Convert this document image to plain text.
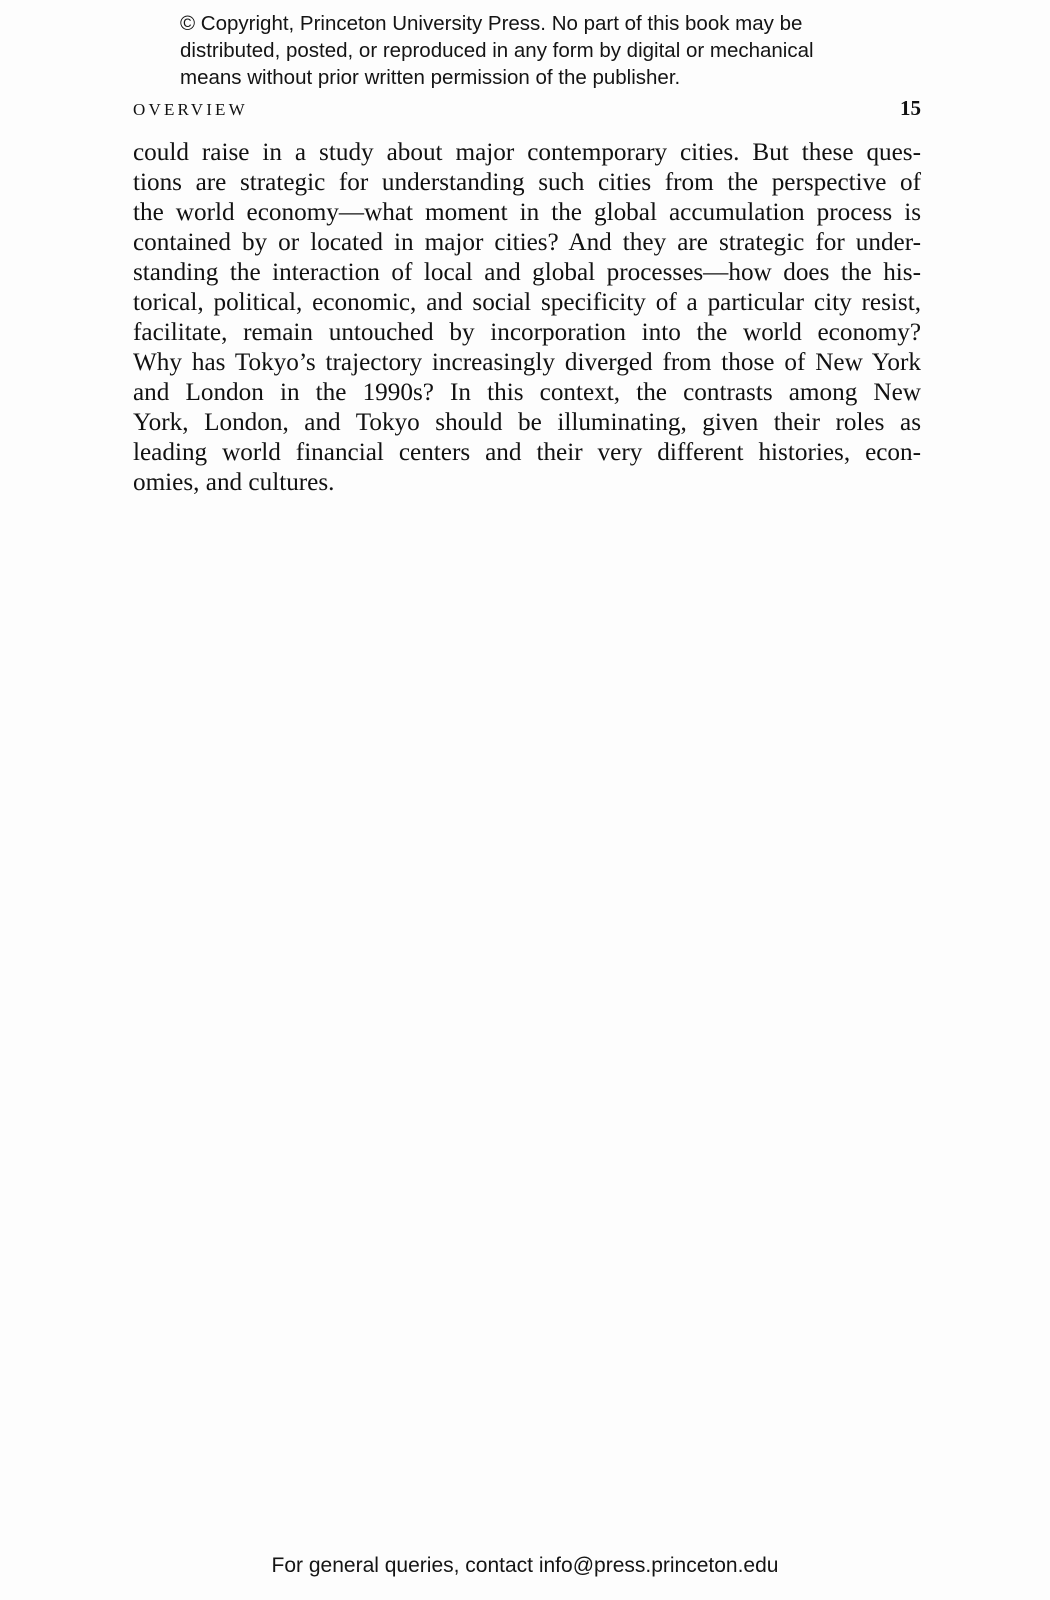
© Copyright, Princeton University Press. No part of this book may be
distributed, posted, or reproduced in any form by digital or mechanical
means without prior written permission of the publisher.
OVERVIEW	15
could raise in a study about major contemporary cities. But these ques-
tions are strategic for understanding such cities from the perspective of
the world economy—what moment in the global accumulation process is
contained by or located in major cities? And they are strategic for under-
standing the interaction of local and global processes—how does the his-
torical, political, economic, and social specificity of a particular city resist,
facilitate, remain untouched by incorporation into the world economy?
Why has Tokyo’s trajectory increasingly diverged from those of New York
and London in the 1990s? In this context, the contrasts among New
York, London, and Tokyo should be illuminating, given their roles as
leading world financial centers and their very different histories, econ-
omies, and cultures.
For general queries, contact info@press.princeton.edu
